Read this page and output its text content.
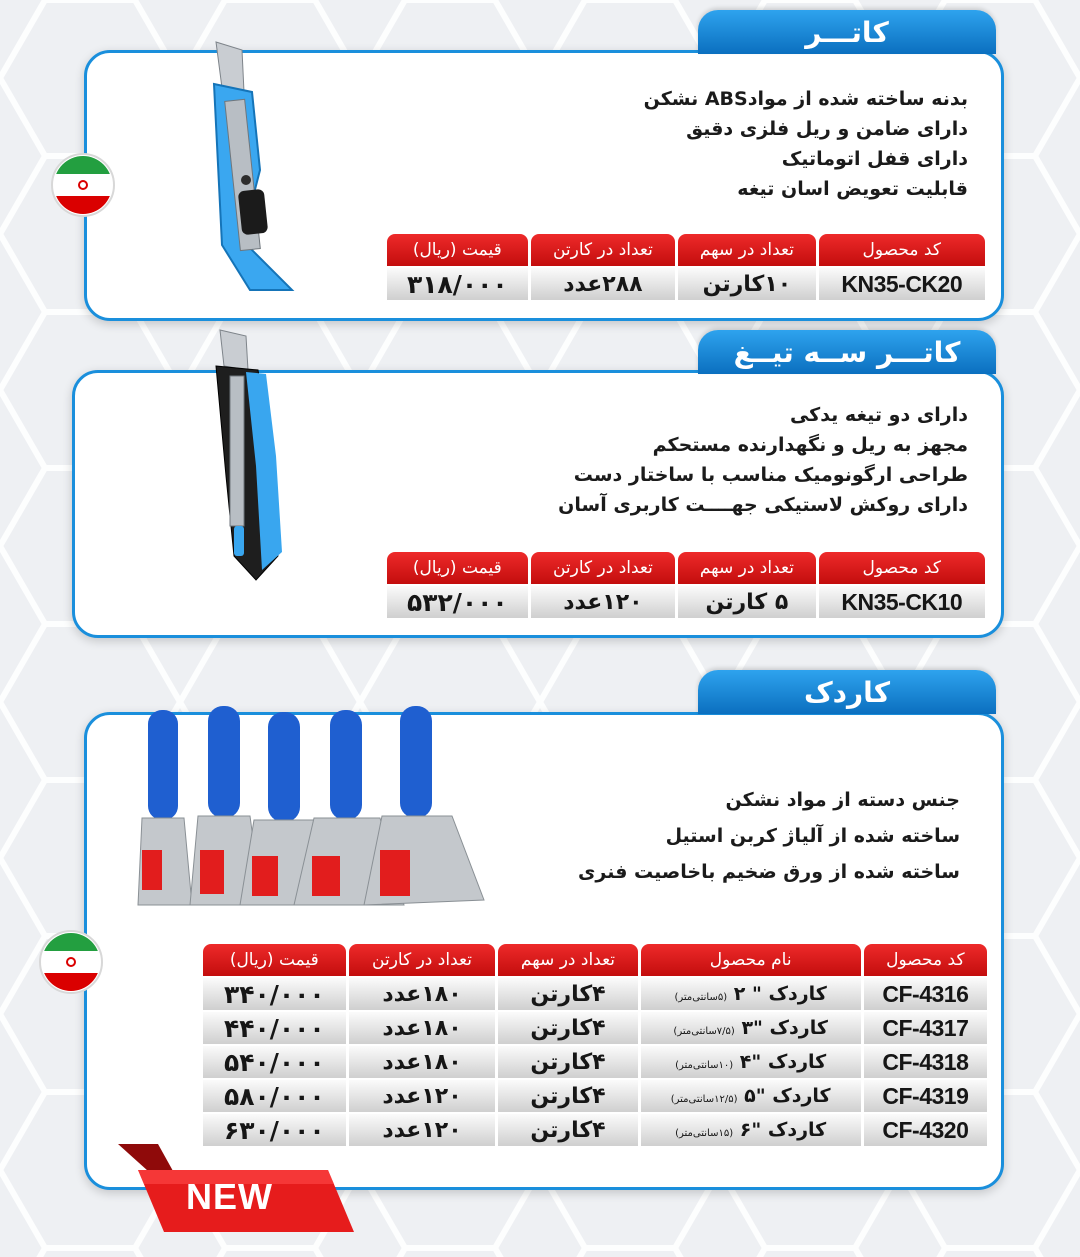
کاتـــر
بدنه ساخته شده از موادABS نشکن
دارای ضامن و ریل فلزی دقیق
دارای قفل اتوماتیک
قابلیت تعویض اسان تیغه
کد محصول	تعداد در سهم	تعداد در کارتن	قیمت (ریال)
KN35-CK20	۱۰کارتن	۲۸۸عدد	۳۱۸/۰۰۰
کاتـــر ســه تیــغ
دارای دو تیغه یدکی
مجهز به ریل و نگهدارنده مستحکم
طراحی ارگونومیک مناسب با ساختار دست
دارای روکش لاستیکی جهــــت کاربری آسان
کد محصول	تعداد در سهم	تعداد در کارتن	قیمت (ریال)
KN35-CK10	۵ کارتن	۱۲۰عدد	۵۳۲/۰۰۰
کاردک
جنس دسته از مواد نشکن
ساخته شده از آلیاژ کربن استیل
ساخته شده از ورق ضخیم باخاصیت فنری
کد محصول	نام محصول	تعداد در سهم	تعداد در کارتن	قیمت (ریال)
CF-4316	کاردک " ۲ (۵سانتی‌متر)	۴کارتن	۱۸۰عدد	۳۴۰/۰۰۰
CF-4317	کاردک "۳ (۷/۵سانتی‌متر)	۴کارتن	۱۸۰عدد	۴۴۰/۰۰۰
CF-4318	کاردک "۴ (۱۰سانتی‌متر)	۴کارتن	۱۸۰عدد	۵۴۰/۰۰۰
CF-4319	کاردک "۵ (۱۲/۵سانتی‌متر)	۴کارتن	۱۲۰عدد	۵۸۰/۰۰۰
CF-4320	کاردک "۶ (۱۵سانتی‌متر)	۴کارتن	۱۲۰عدد	۶۳۰/۰۰۰
NEW
